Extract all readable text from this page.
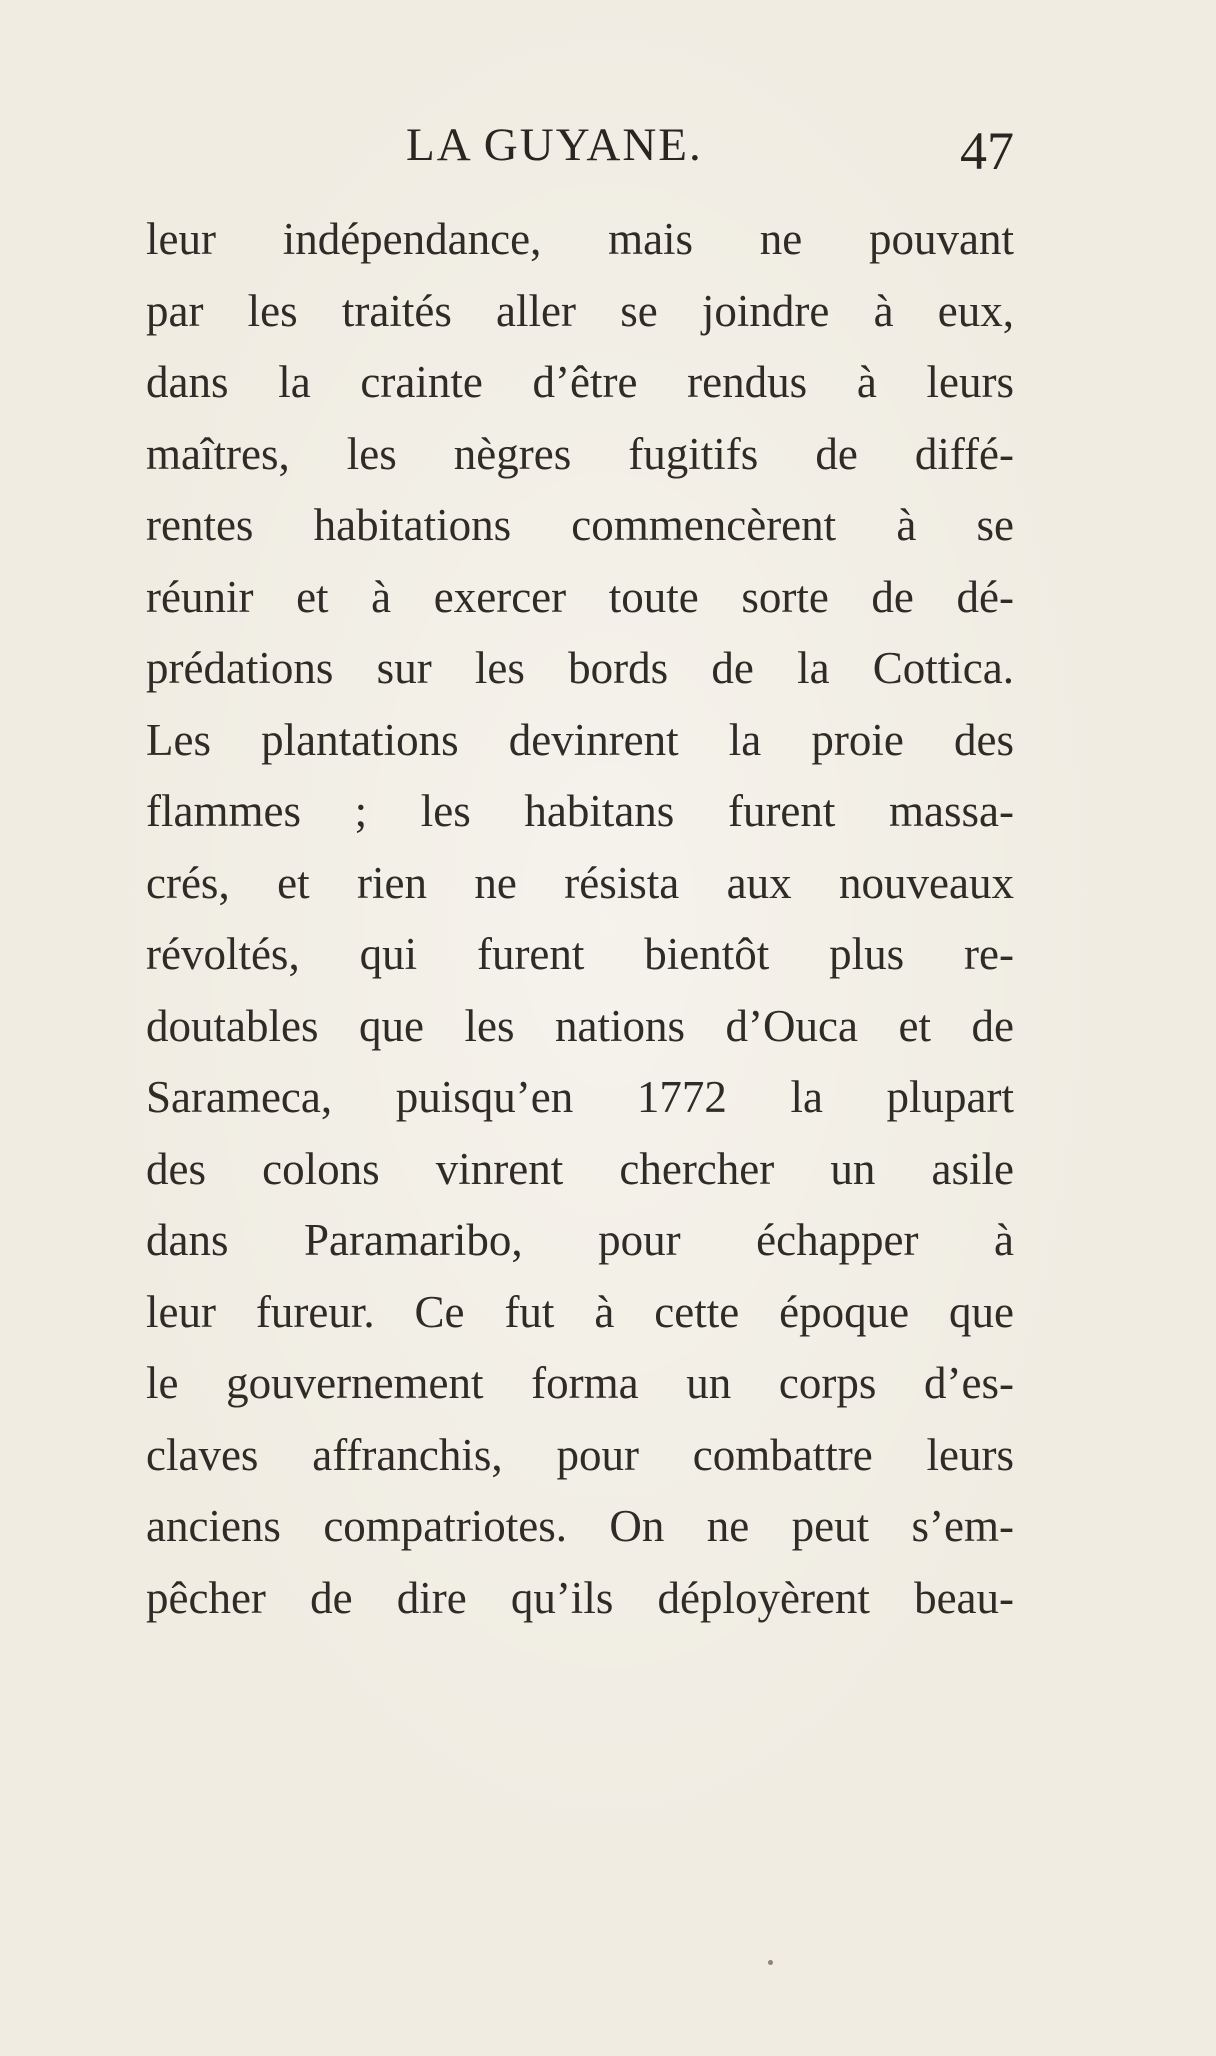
LA GUYANE.	47
leur indépendance, mais ne pouvant
par les traités aller se joindre à eux,
dans la crainte d’être rendus à leurs
maîtres, les nègres fugitifs de diffé-
rentes habitations commencèrent à se
réunir et à exercer toute sorte de dé-
prédations sur les bords de la Cottica.
Les plantations devinrent la proie des
flammes ; les habitans furent massa-
crés, et rien ne résista aux nouveaux
révoltés, qui furent bientôt plus re-
doutables que les nations d’Ouca et de
Sarameca, puisqu’en 1772 la plupart
des colons vinrent chercher un asile
dans Paramaribo, pour échapper à
leur fureur. Ce fut à cette époque que
le gouvernement forma un corps d’es-
claves affranchis, pour combattre leurs
anciens compatriotes. On ne peut s’em-
pêcher de dire qu’ils déployèrent beau-
